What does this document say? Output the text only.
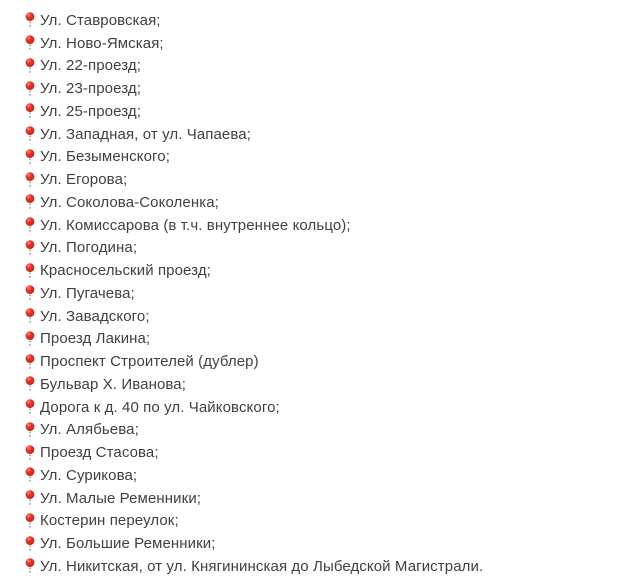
Ул. Ставровская;
Ул. Ново-Ямская;
Ул. 22-проезд;
Ул. 23-проезд;
Ул. 25-проезд;
Ул. Западная, от ул. Чапаева;
Ул. Безыменского;
Ул. Егорова;
Ул. Соколова-Соколенка;
Ул. Комиссарова (в т.ч. внутреннее кольцо);
Ул. Погодина;
Красносельский проезд;
Ул. Пугачева;
Ул. Завадского;
Проезд Лакина;
Проспект Строителей (дублер)
Бульвар Х. Иванова;
Дорога к д. 40 по ул. Чайковского;
Ул. Алябьева;
Проезд Стасова;
Ул. Сурикова;
Ул. Малые Ременники;
Костерин переулок;
Ул. Большие Ременники;
Ул. Никитская, от ул. Княгининская до Лыбедской Магистрали.
